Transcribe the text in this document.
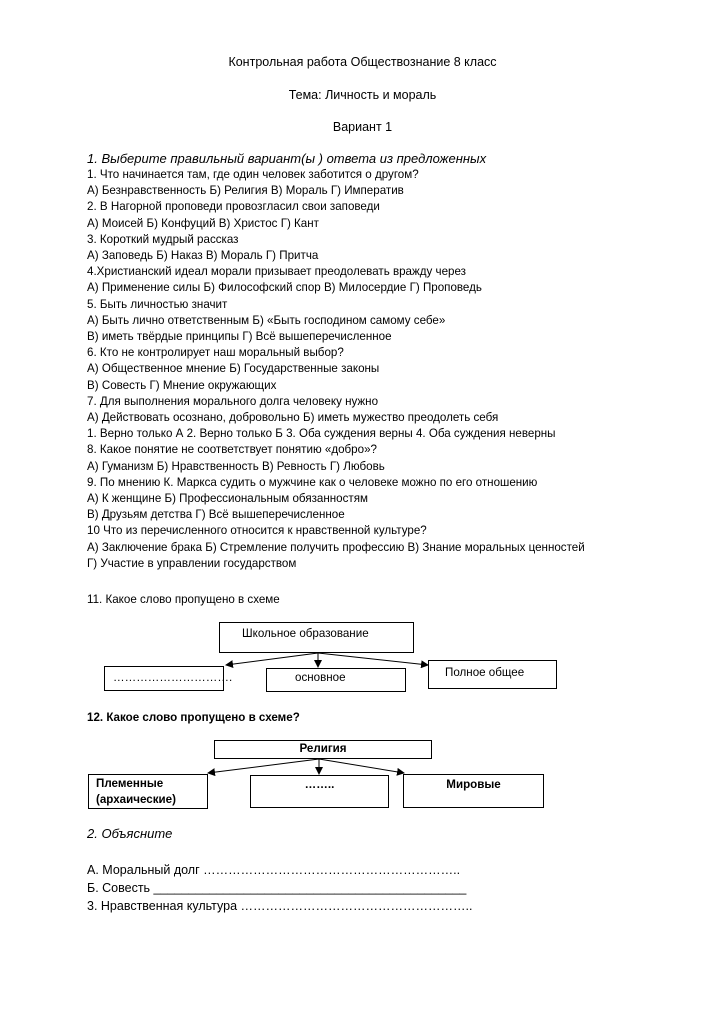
Контрольная работа Обществознание 8 класс
Тема: Личность и мораль
Вариант 1
1. Выберите правильный вариант(ы ) ответа из предложенных
1. Что начинается там, где один человек заботится о другом?
А) Безнравственность Б) Религия В) Мораль Г) Императив
2. В Нагорной проповеди провозгласил свои заповеди
А) Моисей Б) Конфуций В) Христос Г) Кант
3. Короткий мудрый рассказ
А) Заповедь Б) Наказ В) Мораль Г) Притча
4.Христианский идеал морали призывает преодолевать вражду через
А) Применение силы Б) Философский спор В) Милосердие Г) Проповедь
5. Быть личностью значит
А) Быть лично ответственным Б) «Быть господином самому себе»
В) иметь твёрдые принципы Г) Всё вышеперечисленное
6. Кто не контролирует наш моральный выбор?
А) Общественное мнение Б) Государственные законы
В) Совесть Г) Мнение окружающих
7. Для выполнения морального долга человеку нужно
А) Действовать осознано, добровольно Б) иметь мужество преодолеть себя
1. Верно только А 2. Верно только Б 3. Оба суждения верны 4. Оба суждения неверны
8. Какое понятие не соответствует понятию «добро»?
А) Гуманизм Б) Нравственность В) Ревность Г) Любовь
9. По мнению К. Маркса судить о мужчине как о человеке можно по его отношению
А) К женщине Б) Профессиональным обязанностям
В) Друзьям детства Г) Всё вышеперечисленное
10 Что из перечисленного относится к нравственной культуре?
А) Заключение брака Б) Стремление получить профессию В) Знание моральных ценностей
Г) Участие в управлении государством
11. Какое слово пропущено в схеме
Школьное образование
………………………….	основное	Полное общее
12. Какое слово пропущено в схеме?
Религия
Племенные
(архаические)
……..	Мировые
2. Объясните
А. Моральный долг ……………………………………………………..
Б. Совесть _____________________________________________
3. Нравственная культура ………………………………………………..
